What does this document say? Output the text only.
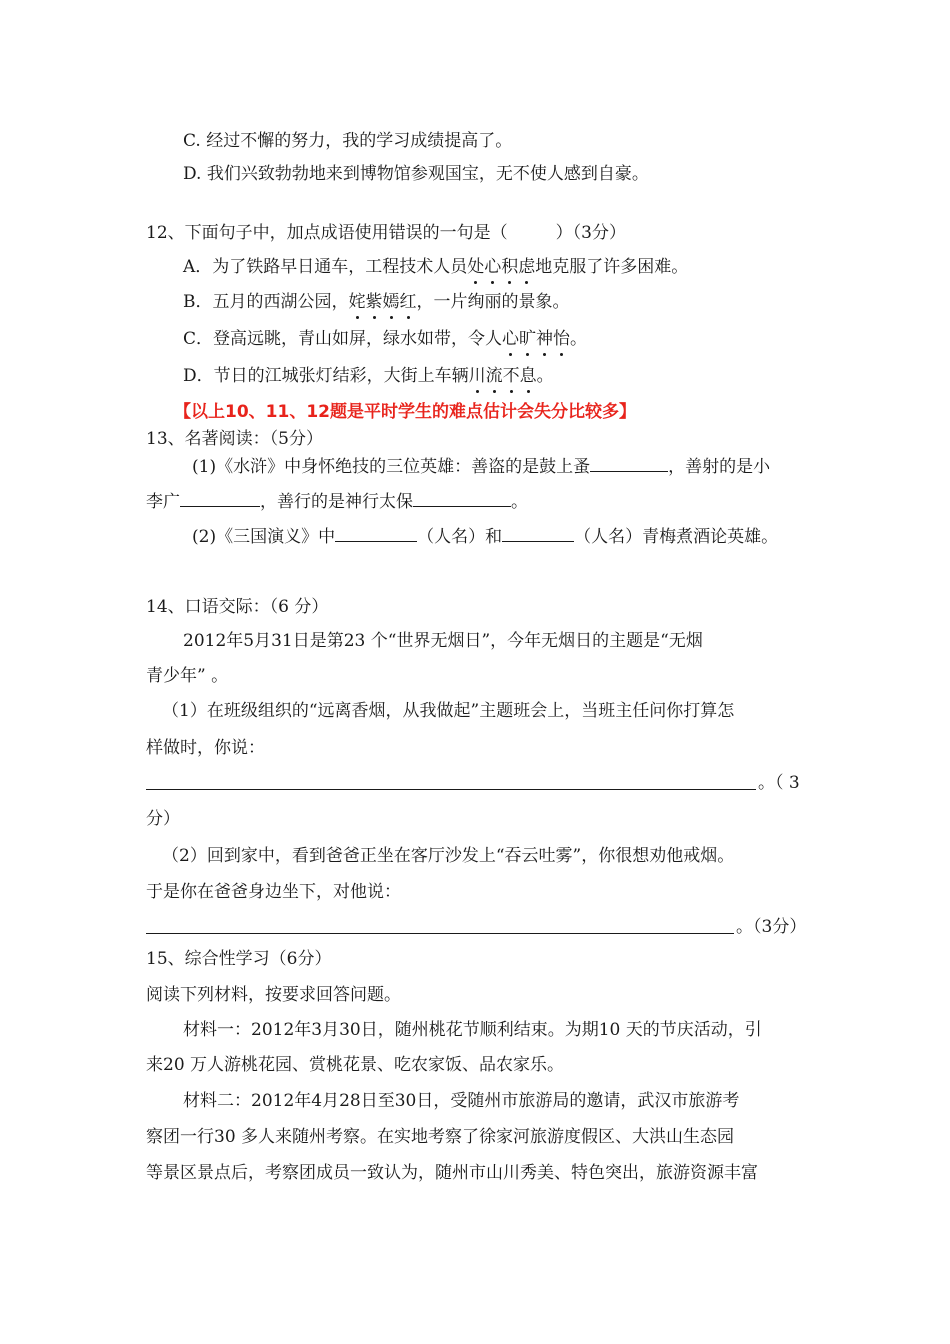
C. 经过不懈的努力，我的学习成绩提高了。
D. 我们兴致勃勃地来到博物馆参观国宝，无不使人感到自豪。
12、下面句子中，加点成语使用错误的一句是（	）（3分）
A．为了铁路早日通车，工程技术人员处心积虑地克服了许多困难。
B．五月的西湖公园，姹紫嫣红，一片绚丽的景象。
C．登高远眺，青山如屏，绿水如带，令人心旷神怡。
D．节日的江城张灯结彩，大街上车辆川流不息。
【以上10、11、12题是平时学生的难点估计会失分比较多】
13、名著阅读：（5分）
(1)《水浒》中身怀绝技的三位英雄：善盗的是鼓上蚤	，善射的是小
李广	，善行的是神行太保	。
(2)《三国演义》中	（人名）和	（人名）青梅煮酒论英雄。
14、口语交际：（6 分）
2012年5月31日是第23 个“世界无烟日”，今年无烟日的主题是“无烟
青少年” 。
（1）在班级组织的“远离香烟，从我做起”主题班会上，当班主任问你打算怎
样做时，你说：
。（ 3
分）
（2）回到家中，看到爸爸正坐在客厅沙发上“吞云吐雾”，你很想劝他戒烟。
于是你在爸爸身边坐下，对他说：
。（3分）
15、综合性学习（6分）
阅读下列材料，按要求回答问题。
材料一：2012年3月30日，随州桃花节顺利结束。为期10 天的节庆活动，引
来20 万人游桃花园、赏桃花景、吃农家饭、品农家乐。
材料二：2012年4月28日至30日，受随州市旅游局的邀请，武汉市旅游考
察团一行30 多人来随州考察。在实地考察了徐家河旅游度假区、大洪山生态园
等景区景点后，考察团成员一致认为，随州市山川秀美、特色突出，旅游资源丰富
